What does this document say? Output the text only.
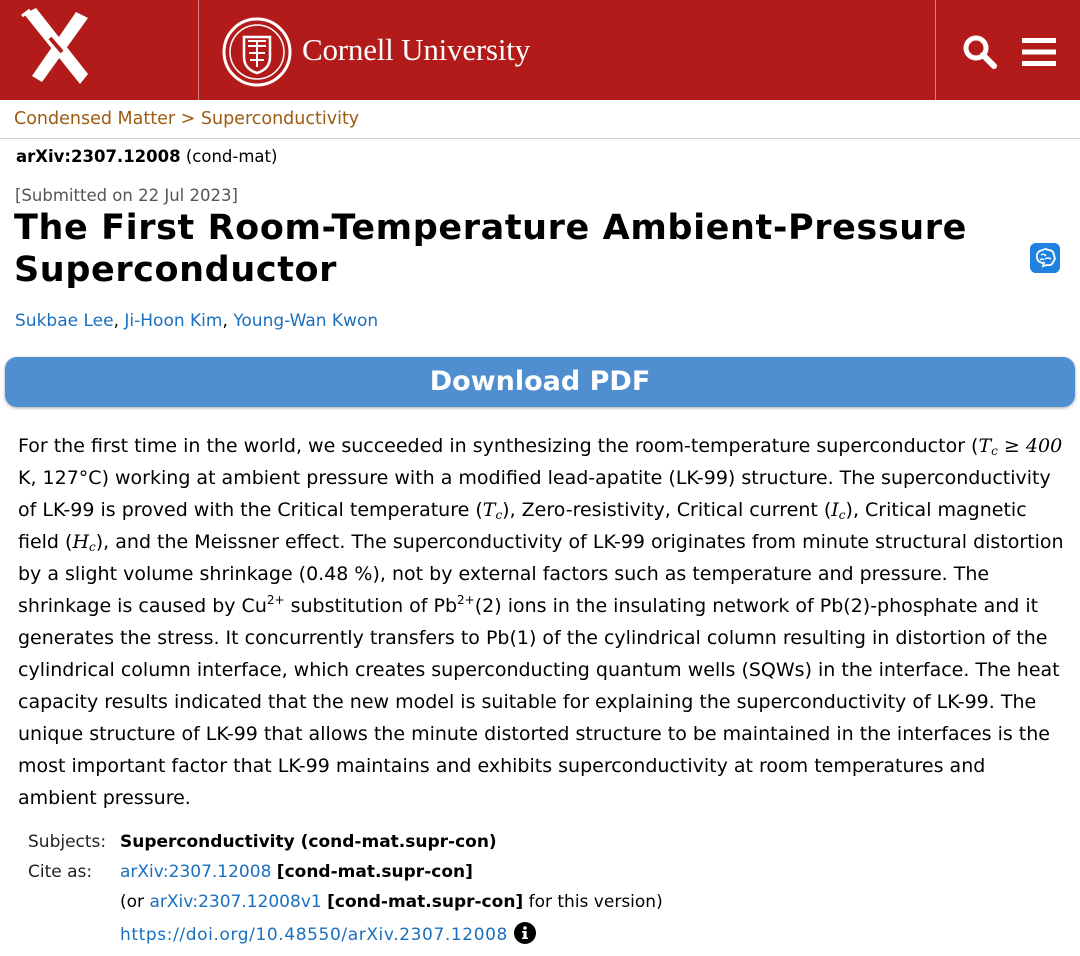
Cornell University
Condensed Matter > Superconductivity
arXiv:2307.12008 (cond-mat)
[Submitted on 22 Jul 2023]
The First Room-Temperature Ambient-Pressure Superconductor
Sukbae Lee, Ji-Hoon Kim, Young-Wan Kwon
Download PDF
For the first time in the world, we succeeded in synthesizing the room-temperature superconductor ($T_c \ge 400$ K, 127°C) working at ambient pressure with a modified lead-apatite (LK-99) structure. The superconductivity of LK-99 is proved with the Critical temperature $(T_c)$, Zero-resistivity, Critical current $(I_c)$, Critical magnetic field $(H_c)$, and the Meissner effect. The superconductivity of LK-99 originates from minute structural distortion by a slight volume shrinkage (0.48 %), not by external factors such as temperature and pressure. The shrinkage is caused by $Cu^{2+}$ substitution of $Pb^{2+}(2)$ ions in the insulating network of Pb(2)-phosphate and it generates the stress. It concurrently transfers to Pb(1) of the cylindrical column resulting in distortion of the cylindrical column interface, which creates superconducting quantum wells (SQWs) in the interface. The heat capacity results indicated that the new model is suitable for explaining the superconductivity of LK-99. The unique structure of LK-99 that allows the minute distorted structure to be maintained in the interfaces is the most important factor that LK-99 maintains and exhibits superconductivity at room temperatures and ambient pressure.
Subjects: Superconductivity (cond-mat.supr-con)
Cite as: arXiv:2307.12008 [cond-mat.supr-con]
(or arXiv:2307.12008v1 [cond-mat.supr-con] for this version)
https://doi.org/10.48550/arXiv.2307.12008
